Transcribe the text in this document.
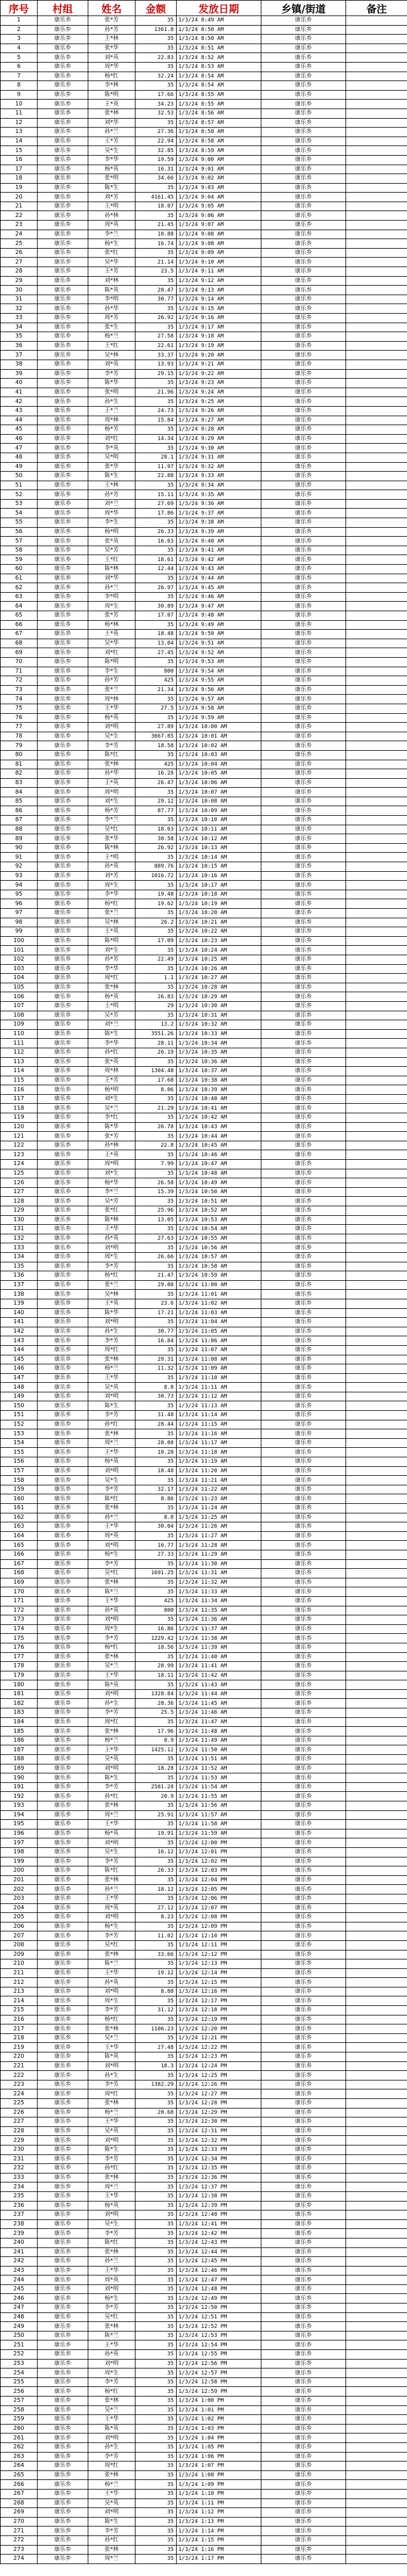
序号	村组	姓名	金额	发放日期	乡镇/街道	备注
1	康乐乡	张*芳	35	1/3/24 8:49 AM	康乐乡	
2	康乐乡	孙*芳	1361.8	1/3/24 8:50 AM	康乐乡	
3	康乐乡	王*林	35	1/3/24 8:50 AM	康乐乡	
4	康乐乡	张*华	35	1/3/24 8:51 AM	康乐乡	
5	康乐乡	刘*英	22.83	1/3/24 8:52 AM	康乐乡	
6	康乐乡	周*华	35	1/3/24 8:53 AM	康乐乡	
7	康乐乡	杨*红	32.24	1/3/24 8:54 AM	康乐乡	
8	康乐乡	李*林	35	1/3/24 8:54 AM	康乐乡	
9	康乐乡	陈*明	17.66	1/3/24 8:55 AM	康乐乡	
10	康乐乡	王*英	34.23	1/3/24 8:55 AM	康乐乡	
11	康乐乡	张*林	32.53	1/3/24 8:56 AM	康乐乡	
12	康乐乡	刘*华	35	1/3/24 8:57 AM	康乐乡	
13	康乐乡	孙*兰	27.36	1/3/24 8:58 AM	康乐乡	
14	康乐乡	王*芳	22.94	1/3/24 8:58 AM	康乐乡	
15	康乐乡	吴*生	32.85	1/3/24 8:59 AM	康乐乡	
16	康乐乡	李*华	19.59	1/3/24 9:00 AM	康乐乡	
17	康乐乡	杨*英	16.31	1/3/24 9:01 AM	康乐乡	
18	康乐乡	张*明	34.66	1/3/24 9:02 AM	康乐乡	
19	康乐乡	陈*生	35	1/3/24 9:03 AM	康乐乡	
20	康乐乡	刘*芳	4161.45	1/3/24 9:04 AM	康乐乡	
21	康乐乡	王*明	18.07	1/3/24 9:05 AM	康乐乡	
22	康乐乡	孙*林	35	1/3/24 9:06 AM	康乐乡	
23	康乐乡	周*英	21.45	1/3/24 9:07 AM	康乐乡	
24	康乐乡	李*兰	10.88	1/3/24 9:08 AM	康乐乡	
25	康乐乡	杨*生	16.74	1/3/24 9:08 AM	康乐乡	
26	康乐乡	张*红	35	1/3/24 9:09 AM	康乐乡	
27	康乐乡	吴*华	21.14	1/3/24 9:10 AM	康乐乡	
28	康乐乡	王*芳	23.5	1/3/24 9:11 AM	康乐乡	
29	康乐乡	刘*林	35	1/3/24 9:12 AM	康乐乡	
30	康乐乡	陈*英	28.47	1/3/24 9:13 AM	康乐乡	
31	康乐乡	李*明	30.77	1/3/24 9:14 AM	康乐乡	
32	康乐乡	孙*华	35	1/3/24 9:15 AM	康乐乡	
33	康乐乡	周*芳	26.92	1/3/24 9:16 AM	康乐乡	
34	康乐乡	张*生	35	1/3/24 9:17 AM	康乐乡	
35	康乐乡	杨*兰	27.58	1/3/24 9:18 AM	康乐乡	
36	康乐乡	王*红	22.61	1/3/24 9:19 AM	康乐乡	
37	康乐乡	吴*林	33.37	1/3/24 9:20 AM	康乐乡	
38	康乐乡	刘*英	13.93	1/3/24 9:21 AM	康乐乡	
39	康乐乡	李*芳	29.15	1/3/24 9:22 AM	康乐乡	
40	康乐乡	陈*华	35	1/3/24 9:23 AM	康乐乡	
41	康乐乡	张*明	21.96	1/3/24 9:24 AM	康乐乡	
42	康乐乡	孙*生	35	1/3/24 9:25 AM	康乐乡	
43	康乐乡	王*兰	24.73	1/3/24 9:26 AM	康乐乡	
44	康乐乡	周*林	15.84	1/3/24 9:27 AM	康乐乡	
45	康乐乡	杨*芳	35	1/3/24 9:28 AM	康乐乡	
46	康乐乡	刘*红	14.34	1/3/24 9:29 AM	康乐乡	
47	康乐乡	李*英	35	1/3/24 9:30 AM	康乐乡	
48	康乐乡	吴*明	28.1	1/3/24 9:31 AM	康乐乡	
49	康乐乡	张*华	11.97	1/3/24 9:32 AM	康乐乡	
50	康乐乡	陈*生	22.88	1/3/24 9:33 AM	康乐乡	
51	康乐乡	王*林	35	1/3/24 9:34 AM	康乐乡	
52	康乐乡	孙*芳	15.11	1/3/24 9:35 AM	康乐乡	
53	康乐乡	刘*兰	27.69	1/3/24 9:36 AM	康乐乡	
54	康乐乡	周*华	17.86	1/3/24 9:37 AM	康乐乡	
55	康乐乡	李*生	35	1/3/24 9:38 AM	康乐乡	
56	康乐乡	杨*明	26.33	1/3/24 9:39 AM	康乐乡	
57	康乐乡	张*英	16.03	1/3/24 9:40 AM	康乐乡	
58	康乐乡	吴*芳	35	1/3/24 9:41 AM	康乐乡	
59	康乐乡	王*红	18.61	1/3/24 9:42 AM	康乐乡	
60	康乐乡	陈*林	12.44	1/3/24 9:43 AM	康乐乡	
61	康乐乡	刘*华	35	1/3/24 9:44 AM	康乐乡	
62	康乐乡	孙*兰	26.97	1/3/24 9:45 AM	康乐乡	
63	康乐乡	李*明	35	1/3/24 9:46 AM	康乐乡	
64	康乐乡	周*生	30.89	1/3/24 9:47 AM	康乐乡	
65	康乐乡	张*芳	17.07	1/3/24 9:48 AM	康乐乡	
66	康乐乡	杨*林	35	1/3/24 9:49 AM	康乐乡	
67	康乐乡	王*英	18.48	1/3/24 9:50 AM	康乐乡	
68	康乐乡	吴*华	13.04	1/3/24 9:51 AM	康乐乡	
69	康乐乡	刘*红	27.45	1/3/24 9:52 AM	康乐乡	
70	康乐乡	陈*明	35	1/3/24 9:53 AM	康乐乡	
71	康乐乡	李*生	800	1/3/24 9:54 AM	康乐乡	
72	康乐乡	孙*芳	425	1/3/24 9:55 AM	康乐乡	
73	康乐乡	张*兰	21.34	1/3/24 9:56 AM	康乐乡	
74	康乐乡	周*林	35	1/3/24 9:57 AM	康乐乡	
75	康乐乡	王*华	27.5	1/3/24 9:58 AM	康乐乡	
76	康乐乡	杨*英	35	1/3/24 9:59 AM	康乐乡	
77	康乐乡	刘*明	27.89	1/3/24 10:00 AM	康乐乡	
78	康乐乡	吴*生	3667.85	1/3/24 10:01 AM	康乐乡	
79	康乐乡	李*芳	18.58	1/3/24 10:02 AM	康乐乡	
80	康乐乡	陈*红	35	1/3/24 10:03 AM	康乐乡	
81	康乐乡	张*林	425	1/3/24 10:04 AM	康乐乡	
82	康乐乡	孙*华	16.28	1/3/24 10:05 AM	康乐乡	
83	康乐乡	王*英	26.47	1/3/24 10:06 AM	康乐乡	
84	康乐乡	周*明	35	1/3/24 10:07 AM	康乐乡	
85	康乐乡	刘*生	29.12	1/3/24 10:08 AM	康乐乡	
86	康乐乡	杨*芳	87.77	1/3/24 10:09 AM	康乐乡	
87	康乐乡	李*兰	35	1/3/24 10:10 AM	康乐乡	
88	康乐乡	吴*红	18.03	1/3/24 10:11 AM	康乐乡	
89	康乐乡	张*华	30.58	1/3/24 10:12 AM	康乐乡	
90	康乐乡	陈*林	26.92	1/3/24 10:13 AM	康乐乡	
91	康乐乡	王*明	35	1/3/24 10:14 AM	康乐乡	
92	康乐乡	孙*英	889.76	1/3/24 10:15 AM	康乐乡	
93	康乐乡	刘*芳	1016.72	1/3/24 10:16 AM	康乐乡	
94	康乐乡	周*生	35	1/3/24 10:17 AM	康乐乡	
95	康乐乡	李*华	19.48	1/3/24 10:18 AM	康乐乡	
96	康乐乡	杨*红	19.62	1/3/24 10:19 AM	康乐乡	
97	康乐乡	张*兰	35	1/3/24 10:20 AM	康乐乡	
98	康乐乡	吴*林	26.2	1/3/24 10:21 AM	康乐乡	
99	康乐乡	王*英	35	1/3/24 10:22 AM	康乐乡	
100	康乐乡	陈*明	17.09	1/3/24 10:23 AM	康乐乡	
101	康乐乡	刘*生	35	1/3/24 10:24 AM	康乐乡	
102	康乐乡	孙*芳	22.49	1/3/24 10:25 AM	康乐乡	
103	康乐乡	李*华	35	1/3/24 10:26 AM	康乐乡	
104	康乐乡	周*红	1.1	1/3/24 10:27 AM	康乐乡	
105	康乐乡	张*林	35	1/3/24 10:28 AM	康乐乡	
106	康乐乡	杨*英	26.83	1/3/24 10:29 AM	康乐乡	
107	康乐乡	王*明	29	1/3/24 10:30 AM	康乐乡	
108	康乐乡	吴*芳	35	1/3/24 10:31 AM	康乐乡	
109	康乐乡	刘*兰	13.2	1/3/24 10:32 AM	康乐乡	
110	康乐乡	陈*生	3551.26	1/3/24 10:33 AM	康乐乡	
111	康乐乡	李*华	28.11	1/3/24 10:34 AM	康乐乡	
112	康乐乡	孙*红	26.19	1/3/24 10:35 AM	康乐乡	
113	康乐乡	张*英	35	1/3/24 10:36 AM	康乐乡	
114	康乐乡	周*林	1304.48	1/3/24 10:37 AM	康乐乡	
115	康乐乡	王*芳	17.68	1/3/24 10:38 AM	康乐乡	
116	康乐乡	杨*明	8.06	1/3/24 10:39 AM	康乐乡	
117	康乐乡	刘*生	35	1/3/24 10:40 AM	康乐乡	
118	康乐乡	吴*兰	21.29	1/3/24 10:41 AM	康乐乡	
119	康乐乡	李*红	35	1/3/24 10:42 AM	康乐乡	
120	康乐乡	陈*华	26.78	1/3/24 10:43 AM	康乐乡	
121	康乐乡	张*芳	35	1/3/24 10:44 AM	康乐乡	
122	康乐乡	孙*林	22.8	1/3/24 10:45 AM	康乐乡	
123	康乐乡	王*英	35	1/3/24 10:46 AM	康乐乡	
124	康乐乡	周*明	7.99	1/3/24 10:47 AM	康乐乡	
125	康乐乡	刘*生	35	1/3/24 10:48 AM	康乐乡	
126	康乐乡	杨*华	26.58	1/3/24 10:49 AM	康乐乡	
127	康乐乡	李*兰	15.39	1/3/24 10:50 AM	康乐乡	
128	康乐乡	吴*芳	35	1/3/24 10:51 AM	康乐乡	
129	康乐乡	张*红	25.96	1/3/24 10:52 AM	康乐乡	
130	康乐乡	陈*林	13.05	1/3/24 10:53 AM	康乐乡	
131	康乐乡	王*华	35	1/3/24 10:54 AM	康乐乡	
132	康乐乡	孙*英	27.63	1/3/24 10:55 AM	康乐乡	
133	康乐乡	刘*明	35	1/3/24 10:56 AM	康乐乡	
134	康乐乡	周*生	26.66	1/3/24 10:57 AM	康乐乡	
135	康乐乡	李*芳	35	1/3/24 10:58 AM	康乐乡	
136	康乐乡	杨*红	21.47	1/3/24 10:59 AM	康乐乡	
137	康乐乡	张*兰	29.08	1/3/24 11:00 AM	康乐乡	
138	康乐乡	吴*林	35	1/3/24 11:01 AM	康乐乡	
139	康乐乡	王*英	23.6	1/3/24 11:02 AM	康乐乡	
140	康乐乡	陈*华	17.21	1/3/24 11:03 AM	康乐乡	
141	康乐乡	刘*明	35	1/3/24 11:04 AM	康乐乡	
142	康乐乡	孙*生	30.77	1/3/24 11:05 AM	康乐乡	
143	康乐乡	李*芳	16.84	1/3/24 11:06 AM	康乐乡	
144	康乐乡	周*红	35	1/3/24 11:07 AM	康乐乡	
145	康乐乡	张*林	29.31	1/3/24 11:08 AM	康乐乡	
146	康乐乡	杨*兰	11.32	1/3/24 11:09 AM	康乐乡	
147	康乐乡	王*华	35	1/3/24 11:10 AM	康乐乡	
148	康乐乡	吴*英	8.8	1/3/24 11:11 AM	康乐乡	
149	康乐乡	刘*明	30.73	1/3/24 11:12 AM	康乐乡	
150	康乐乡	陈*生	35	1/3/24 11:13 AM	康乐乡	
151	康乐乡	李*芳	31.48	1/3/24 11:14 AM	康乐乡	
152	康乐乡	孙*红	28.44	1/3/24 11:15 AM	康乐乡	
153	康乐乡	张*林	35	1/3/24 11:16 AM	康乐乡	
154	康乐乡	周*兰	28.08	1/3/24 11:17 AM	康乐乡	
155	康乐乡	王*华	10.28	1/3/24 11:18 AM	康乐乡	
156	康乐乡	杨*英	35	1/3/24 11:19 AM	康乐乡	
157	康乐乡	刘*明	18.48	1/3/24 11:20 AM	康乐乡	
158	康乐乡	吴*生	35	1/3/24 11:21 AM	康乐乡	
159	康乐乡	李*芳	32.17	1/3/24 11:22 AM	康乐乡	
160	康乐乡	陈*红	8.86	1/3/24 11:23 AM	康乐乡	
161	康乐乡	张*林	35	1/3/24 11:24 AM	康乐乡	
162	康乐乡	孙*兰	8.8	1/3/24 11:25 AM	康乐乡	
163	康乐乡	王*华	30.04	1/3/24 11:26 AM	康乐乡	
164	康乐乡	周*英	35	1/3/24 11:27 AM	康乐乡	
165	康乐乡	刘*明	16.77	1/3/24 11:28 AM	康乐乡	
166	康乐乡	杨*生	27.33	1/3/24 11:29 AM	康乐乡	
167	康乐乡	李*芳	35	1/3/24 11:30 AM	康乐乡	
168	康乐乡	吴*红	1691.25	1/3/24 11:31 AM	康乐乡	
169	康乐乡	张*林	35	1/3/24 11:32 AM	康乐乡	
170	康乐乡	陈*兰	35	1/3/24 11:33 AM	康乐乡	
171	康乐乡	王*华	425	1/3/24 11:34 AM	康乐乡	
172	康乐乡	孙*英	800	1/3/24 11:35 AM	康乐乡	
173	康乐乡	刘*明	35	1/3/24 11:36 AM	康乐乡	
174	康乐乡	周*生	16.86	1/3/24 11:37 AM	康乐乡	
175	康乐乡	李*芳	1229.42	1/3/24 11:38 AM	康乐乡	
176	康乐乡	杨*红	18.56	1/3/24 11:39 AM	康乐乡	
177	康乐乡	张*林	35	1/3/24 11:40 AM	康乐乡	
178	康乐乡	吴*兰	28.99	1/3/24 11:41 AM	康乐乡	
179	康乐乡	王*华	18.11	1/3/24 11:42 AM	康乐乡	
180	康乐乡	陈*英	35	1/3/24 11:43 AM	康乐乡	
181	康乐乡	刘*明	1328.84	1/3/24 11:44 AM	康乐乡	
182	康乐乡	孙*生	28.36	1/3/24 11:45 AM	康乐乡	
183	康乐乡	李*芳	25.5	1/3/24 11:46 AM	康乐乡	
184	康乐乡	周*红	35	1/3/24 11:47 AM	康乐乡	
185	康乐乡	张*林	17.96	1/3/24 11:48 AM	康乐乡	
186	康乐乡	杨*兰	8.9	1/3/24 11:49 AM	康乐乡	
187	康乐乡	王*华	1425.12	1/3/24 11:50 AM	康乐乡	
188	康乐乡	吴*英	35	1/3/24 11:51 AM	康乐乡	
189	康乐乡	刘*明	18.28	1/3/24 11:52 AM	康乐乡	
190	康乐乡	陈*生	35	1/3/24 11:53 AM	康乐乡	
191	康乐乡	李*芳	2581.28	1/3/24 11:54 AM	康乐乡	
192	康乐乡	孙*红	20.9	1/3/24 11:55 AM	康乐乡	
193	康乐乡	张*林	35	1/3/24 11:56 AM	康乐乡	
194	康乐乡	周*兰	25.91	1/3/24 11:57 AM	康乐乡	
195	康乐乡	王*华	35	1/3/24 11:58 AM	康乐乡	
196	康乐乡	杨*英	19.91	1/3/24 11:59 AM	康乐乡	
197	康乐乡	刘*明	35	1/3/24 12:00 PM	康乐乡	
198	康乐乡	吴*生	16.12	1/3/24 12:01 PM	康乐乡	
199	康乐乡	李*芳	35	1/3/24 12:02 PM	康乐乡	
200	康乐乡	陈*红	26.33	1/3/24 12:03 PM	康乐乡	
201	康乐乡	张*林	35	1/3/24 12:04 PM	康乐乡	
202	康乐乡	孙*兰	18.12	1/3/24 12:05 PM	康乐乡	
203	康乐乡	王*华	35	1/3/24 12:06 PM	康乐乡	
204	康乐乡	周*英	27.12	1/3/24 12:07 PM	康乐乡	
205	康乐乡	刘*明	8.23	1/3/24 12:08 PM	康乐乡	
206	康乐乡	杨*生	35	1/3/24 12:09 PM	康乐乡	
207	康乐乡	李*芳	11.02	1/3/24 12:10 PM	康乐乡	
208	康乐乡	吴*红	35	1/3/24 12:11 PM	康乐乡	
209	康乐乡	张*林	33.66	1/3/24 12:12 PM	康乐乡	
210	康乐乡	陈*兰	35	1/3/24 12:13 PM	康乐乡	
211	康乐乡	王*华	19.12	1/3/24 12:14 PM	康乐乡	
212	康乐乡	孙*英	35	1/3/24 12:15 PM	康乐乡	
213	康乐乡	刘*明	8.88	1/3/24 12:16 PM	康乐乡	
214	康乐乡	周*生	35	1/3/24 12:17 PM	康乐乡	
215	康乐乡	李*芳	31.12	1/3/24 12:18 PM	康乐乡	
216	康乐乡	杨*红	35	1/3/24 12:19 PM	康乐乡	
217	康乐乡	张*林	1106.23	1/3/24 12:20 PM	康乐乡	
218	康乐乡	吴*兰	35	1/3/24 12:21 PM	康乐乡	
219	康乐乡	王*华	27.48	1/3/24 12:22 PM	康乐乡	
220	康乐乡	陈*英	35	1/3/24 12:23 PM	康乐乡	
221	康乐乡	刘*明	18.3	1/3/24 12:24 PM	康乐乡	
222	康乐乡	孙*生	35	1/3/24 12:25 PM	康乐乡	
223	康乐乡	李*芳	1382.29	1/3/24 12:26 PM	康乐乡	
224	康乐乡	周*红	35	1/3/24 12:27 PM	康乐乡	
225	康乐乡	张*林	35	1/3/24 12:28 PM	康乐乡	
226	康乐乡	杨*兰	20.68	1/3/24 12:29 PM	康乐乡	
227	康乐乡	王*华	35	1/3/24 12:30 PM	康乐乡	
228	康乐乡	吴*英	35	1/3/24 12:31 PM	康乐乡	
229	康乐乡	刘*明	35	1/3/24 12:32 PM	康乐乡	
230	康乐乡	陈*生	35	1/3/24 12:33 PM	康乐乡	
231	康乐乡	李*芳	35	1/3/24 12:34 PM	康乐乡	
232	康乐乡	孙*红	35	1/3/24 12:35 PM	康乐乡	
233	康乐乡	张*林	35	1/3/24 12:36 PM	康乐乡	
234	康乐乡	周*兰	35	1/3/24 12:37 PM	康乐乡	
235	康乐乡	王*华	35	1/3/24 12:38 PM	康乐乡	
236	康乐乡	杨*英	35	1/3/24 12:39 PM	康乐乡	
237	康乐乡	刘*明	35	1/3/24 12:40 PM	康乐乡	
238	康乐乡	吴*生	35	1/3/24 12:41 PM	康乐乡	
239	康乐乡	李*芳	35	1/3/24 12:42 PM	康乐乡	
240	康乐乡	陈*红	35	1/3/24 12:43 PM	康乐乡	
241	康乐乡	张*林	35	1/3/24 12:44 PM	康乐乡	
242	康乐乡	孙*兰	35	1/3/24 12:45 PM	康乐乡	
243	康乐乡	王*华	35	1/3/24 12:46 PM	康乐乡	
244	康乐乡	周*英	35	1/3/24 12:47 PM	康乐乡	
245	康乐乡	刘*明	35	1/3/24 12:48 PM	康乐乡	
246	康乐乡	杨*生	35	1/3/24 12:49 PM	康乐乡	
247	康乐乡	李*芳	35	1/3/24 12:50 PM	康乐乡	
248	康乐乡	吴*红	35	1/3/24 12:51 PM	康乐乡	
249	康乐乡	张*林	35	1/3/24 12:52 PM	康乐乡	
250	康乐乡	陈*兰	35	1/3/24 12:53 PM	康乐乡	
251	康乐乡	王*华	35	1/3/24 12:54 PM	康乐乡	
252	康乐乡	孙*英	35	1/3/24 12:55 PM	康乐乡	
253	康乐乡	刘*明	35	1/3/24 12:56 PM	康乐乡	
254	康乐乡	周*生	35	1/3/24 12:57 PM	康乐乡	
255	康乐乡	李*芳	35	1/3/24 12:58 PM	康乐乡	
256	康乐乡	杨*红	35	1/3/24 12:59 PM	康乐乡	
257	康乐乡	张*林	35	1/3/24 1:00 PM	康乐乡	
258	康乐乡	吴*兰	35	1/3/24 1:01 PM	康乐乡	
259	康乐乡	王*华	35	1/3/24 1:02 PM	康乐乡	
260	康乐乡	陈*英	35	1/3/24 1:03 PM	康乐乡	
261	康乐乡	刘*明	35	1/3/24 1:04 PM	康乐乡	
262	康乐乡	孙*生	35	1/3/24 1:05 PM	康乐乡	
263	康乐乡	李*芳	35	1/3/24 1:06 PM	康乐乡	
264	康乐乡	周*红	35	1/3/24 1:07 PM	康乐乡	
265	康乐乡	张*林	35	1/3/24 1:08 PM	康乐乡	
266	康乐乡	杨*兰	35	1/3/24 1:09 PM	康乐乡	
267	康乐乡	王*华	35	1/3/24 1:10 PM	康乐乡	
268	康乐乡	吴*英	35	1/3/24 1:11 PM	康乐乡	
269	康乐乡	刘*明	35	1/3/24 1:12 PM	康乐乡	
270	康乐乡	陈*生	35	1/3/24 1:13 PM	康乐乡	
271	康乐乡	李*芳	35	1/3/24 1:14 PM	康乐乡	
272	康乐乡	孙*红	35	1/3/24 1:15 PM	康乐乡	
273	康乐乡	张*林	35	1/3/24 1:16 PM	康乐乡	
274	康乐乡	周*兰	35	1/3/24 1:17 PM	康乐乡	
